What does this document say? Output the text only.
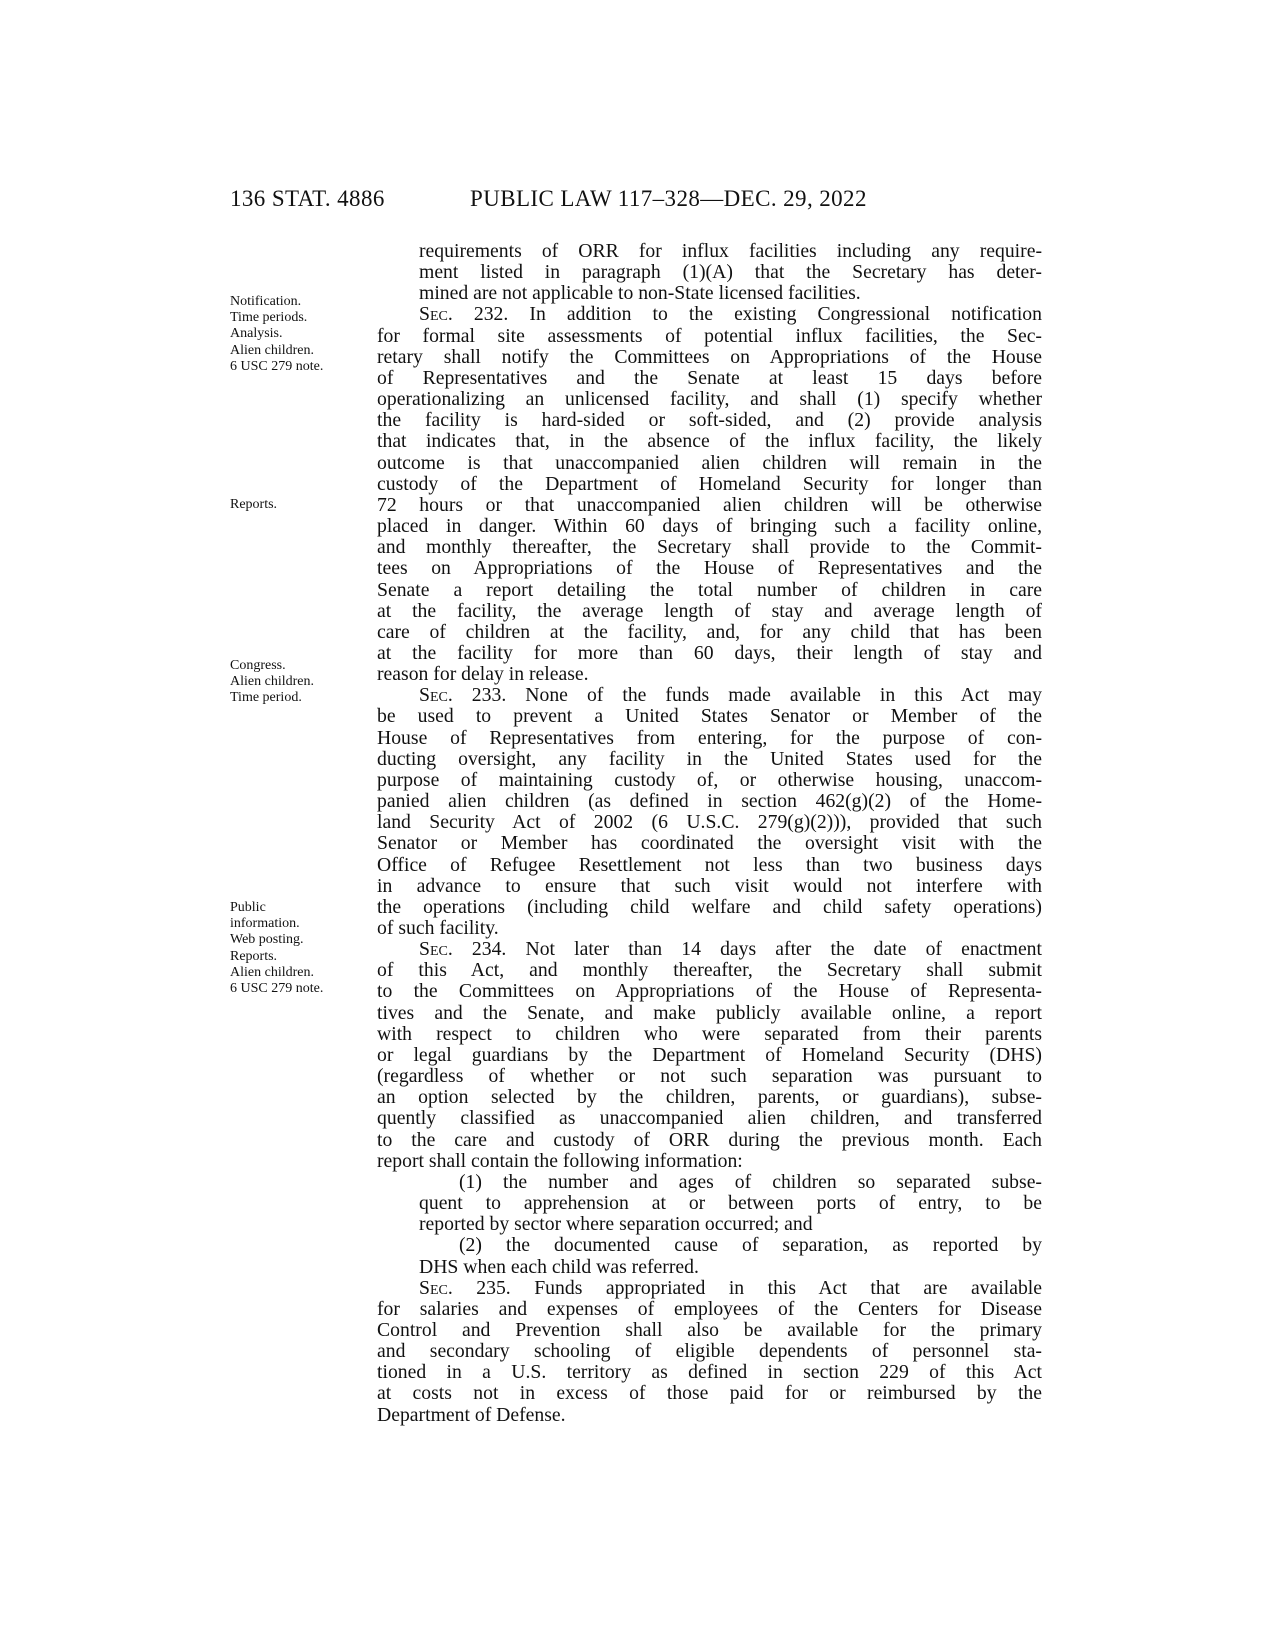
136 STAT. 4886	PUBLIC LAW 117–328—DEC. 29, 2022
Notification.
Time periods.
Analysis.
Alien children.
6 USC 279 note.
Reports.
Congress.
Alien children.
Time period.
Public
information.
Web posting.
Reports.
Alien children.
6 USC 279 note.
requirements of ORR for influx facilities including any require-
ment listed in paragraph (1)(A) that the Secretary has deter-
mined are not applicable to non-State licensed facilities.
Sec. 232. In addition to the existing Congressional notification
for formal site assessments of potential influx facilities, the Sec-
retary shall notify the Committees on Appropriations of the House
of Representatives and the Senate at least 15 days before
operationalizing an unlicensed facility, and shall (1) specify whether
the facility is hard-sided or soft-sided, and (2) provide analysis
that indicates that, in the absence of the influx facility, the likely
outcome is that unaccompanied alien children will remain in the
custody of the Department of Homeland Security for longer than
72 hours or that unaccompanied alien children will be otherwise
placed in danger. Within 60 days of bringing such a facility online,
and monthly thereafter, the Secretary shall provide to the Commit-
tees on Appropriations of the House of Representatives and the
Senate a report detailing the total number of children in care
at the facility, the average length of stay and average length of
care of children at the facility, and, for any child that has been
at the facility for more than 60 days, their length of stay and
reason for delay in release.
Sec. 233. None of the funds made available in this Act may
be used to prevent a United States Senator or Member of the
House of Representatives from entering, for the purpose of con-
ducting oversight, any facility in the United States used for the
purpose of maintaining custody of, or otherwise housing, unaccom-
panied alien children (as defined in section 462(g)(2) of the Home-
land Security Act of 2002 (6 U.S.C. 279(g)(2))), provided that such
Senator or Member has coordinated the oversight visit with the
Office of Refugee Resettlement not less than two business days
in advance to ensure that such visit would not interfere with
the operations (including child welfare and child safety operations)
of such facility.
Sec. 234. Not later than 14 days after the date of enactment
of this Act, and monthly thereafter, the Secretary shall submit
to the Committees on Appropriations of the House of Representa-
tives and the Senate, and make publicly available online, a report
with respect to children who were separated from their parents
or legal guardians by the Department of Homeland Security (DHS)
(regardless of whether or not such separation was pursuant to
an option selected by the children, parents, or guardians), subse-
quently classified as unaccompanied alien children, and transferred
to the care and custody of ORR during the previous month. Each
report shall contain the following information:
(1) the number and ages of children so separated subse-
quent to apprehension at or between ports of entry, to be
reported by sector where separation occurred; and
(2) the documented cause of separation, as reported by
DHS when each child was referred.
Sec. 235. Funds appropriated in this Act that are available
for salaries and expenses of employees of the Centers for Disease
Control and Prevention shall also be available for the primary
and secondary schooling of eligible dependents of personnel sta-
tioned in a U.S. territory as defined in section 229 of this Act
at costs not in excess of those paid for or reimbursed by the
Department of Defense.
